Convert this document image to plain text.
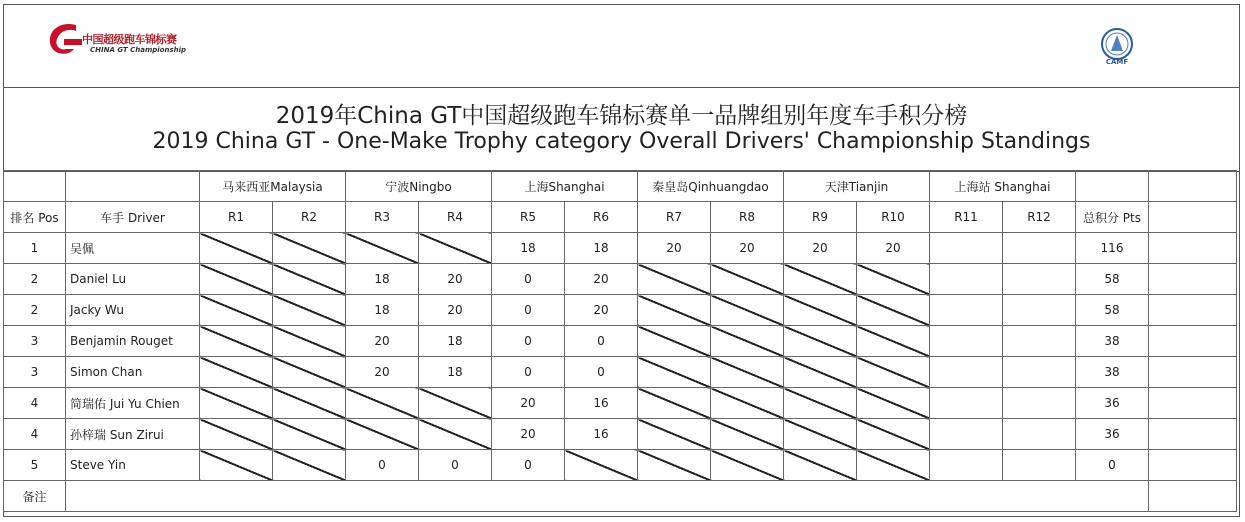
中国超级跑车锦标赛
CHINA GT Championship
CAMF
2019年China GT中国超级跑车锦标赛单一品牌组别年度车手积分榜
2019 China GT - One-Make Trophy category Overall Drivers' Championship Standings
		马来西亚Malaysia		宁波Ningbo		上海Shanghai		秦皇岛Qinhuangdao		天津Tianjin		上海站 Shanghai			
排名 Pos	车手 Driver	R1	R2	R3	R4	R5	R6	R7	R8	R9	R10	R11	R12	总积分 Pts	
1	吴佩					18	18	20	20	20	20			116	
2	Daniel Lu			18	20	0	20							58	
2	Jacky Wu			18	20	0	20							58	
3	Benjamin Rouget			20	18	0	0							38	
3	Simon Chan			20	18	0	0							38	
4	简瑞佑 Jui Yu Chien					20	16							36	
4	孙梓瑞 Sun Zirui					20	16							36	
5	Steve Yin			0	0	0								0	
备注															
